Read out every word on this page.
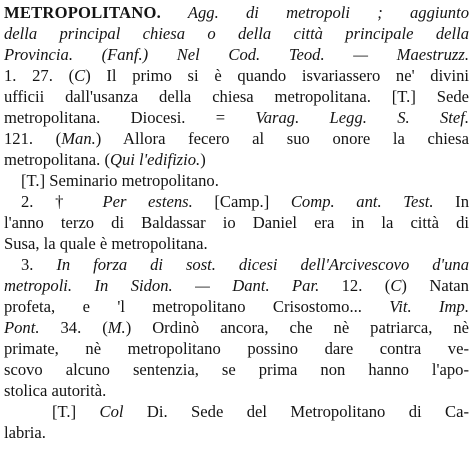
METROPOLITANO. Agg. di metropoli ; aggiunto
della principal chiesa o della città principale della
Provincia. (Fanf.) Nel Cod. Teod. — Maestruzz.
1. 27. (C) Il primo si è quando isvariassero ne' divini
ufficii dall'usanza della chiesa metropolitana. [T.] Sede
metropolitana. Diocesi. = Varag. Legg. S. Stef.
121. (Man.) Allora fecero al suo onore la chiesa
metropolitana. (Qui l'edifizio.)
[T.] Seminario metropolitano.
2. † Per estens. [Camp.] Comp. ant. Test. In
l'anno terzo di Baldassar io Daniel era in la città di
Susa, la quale è metropolitana.
3. In forza di sost. dicesi dell'Arcivescovo d'una
metropoli. In Sidon. — Dant. Par. 12. (C) Natan
profeta, e 'l metropolitano Crisostomo... Vit. Imp.
Pont. 34. (M.) Ordinò ancora, che nè patriarca, nè
primate, nè metropolitano possino dare contra ve-
scovo alcuno sentenzia, se prima non hanno l'apo-
stolica autorità.
[T.] Col Di. Sede del Metropolitano di Ca-
labria.
